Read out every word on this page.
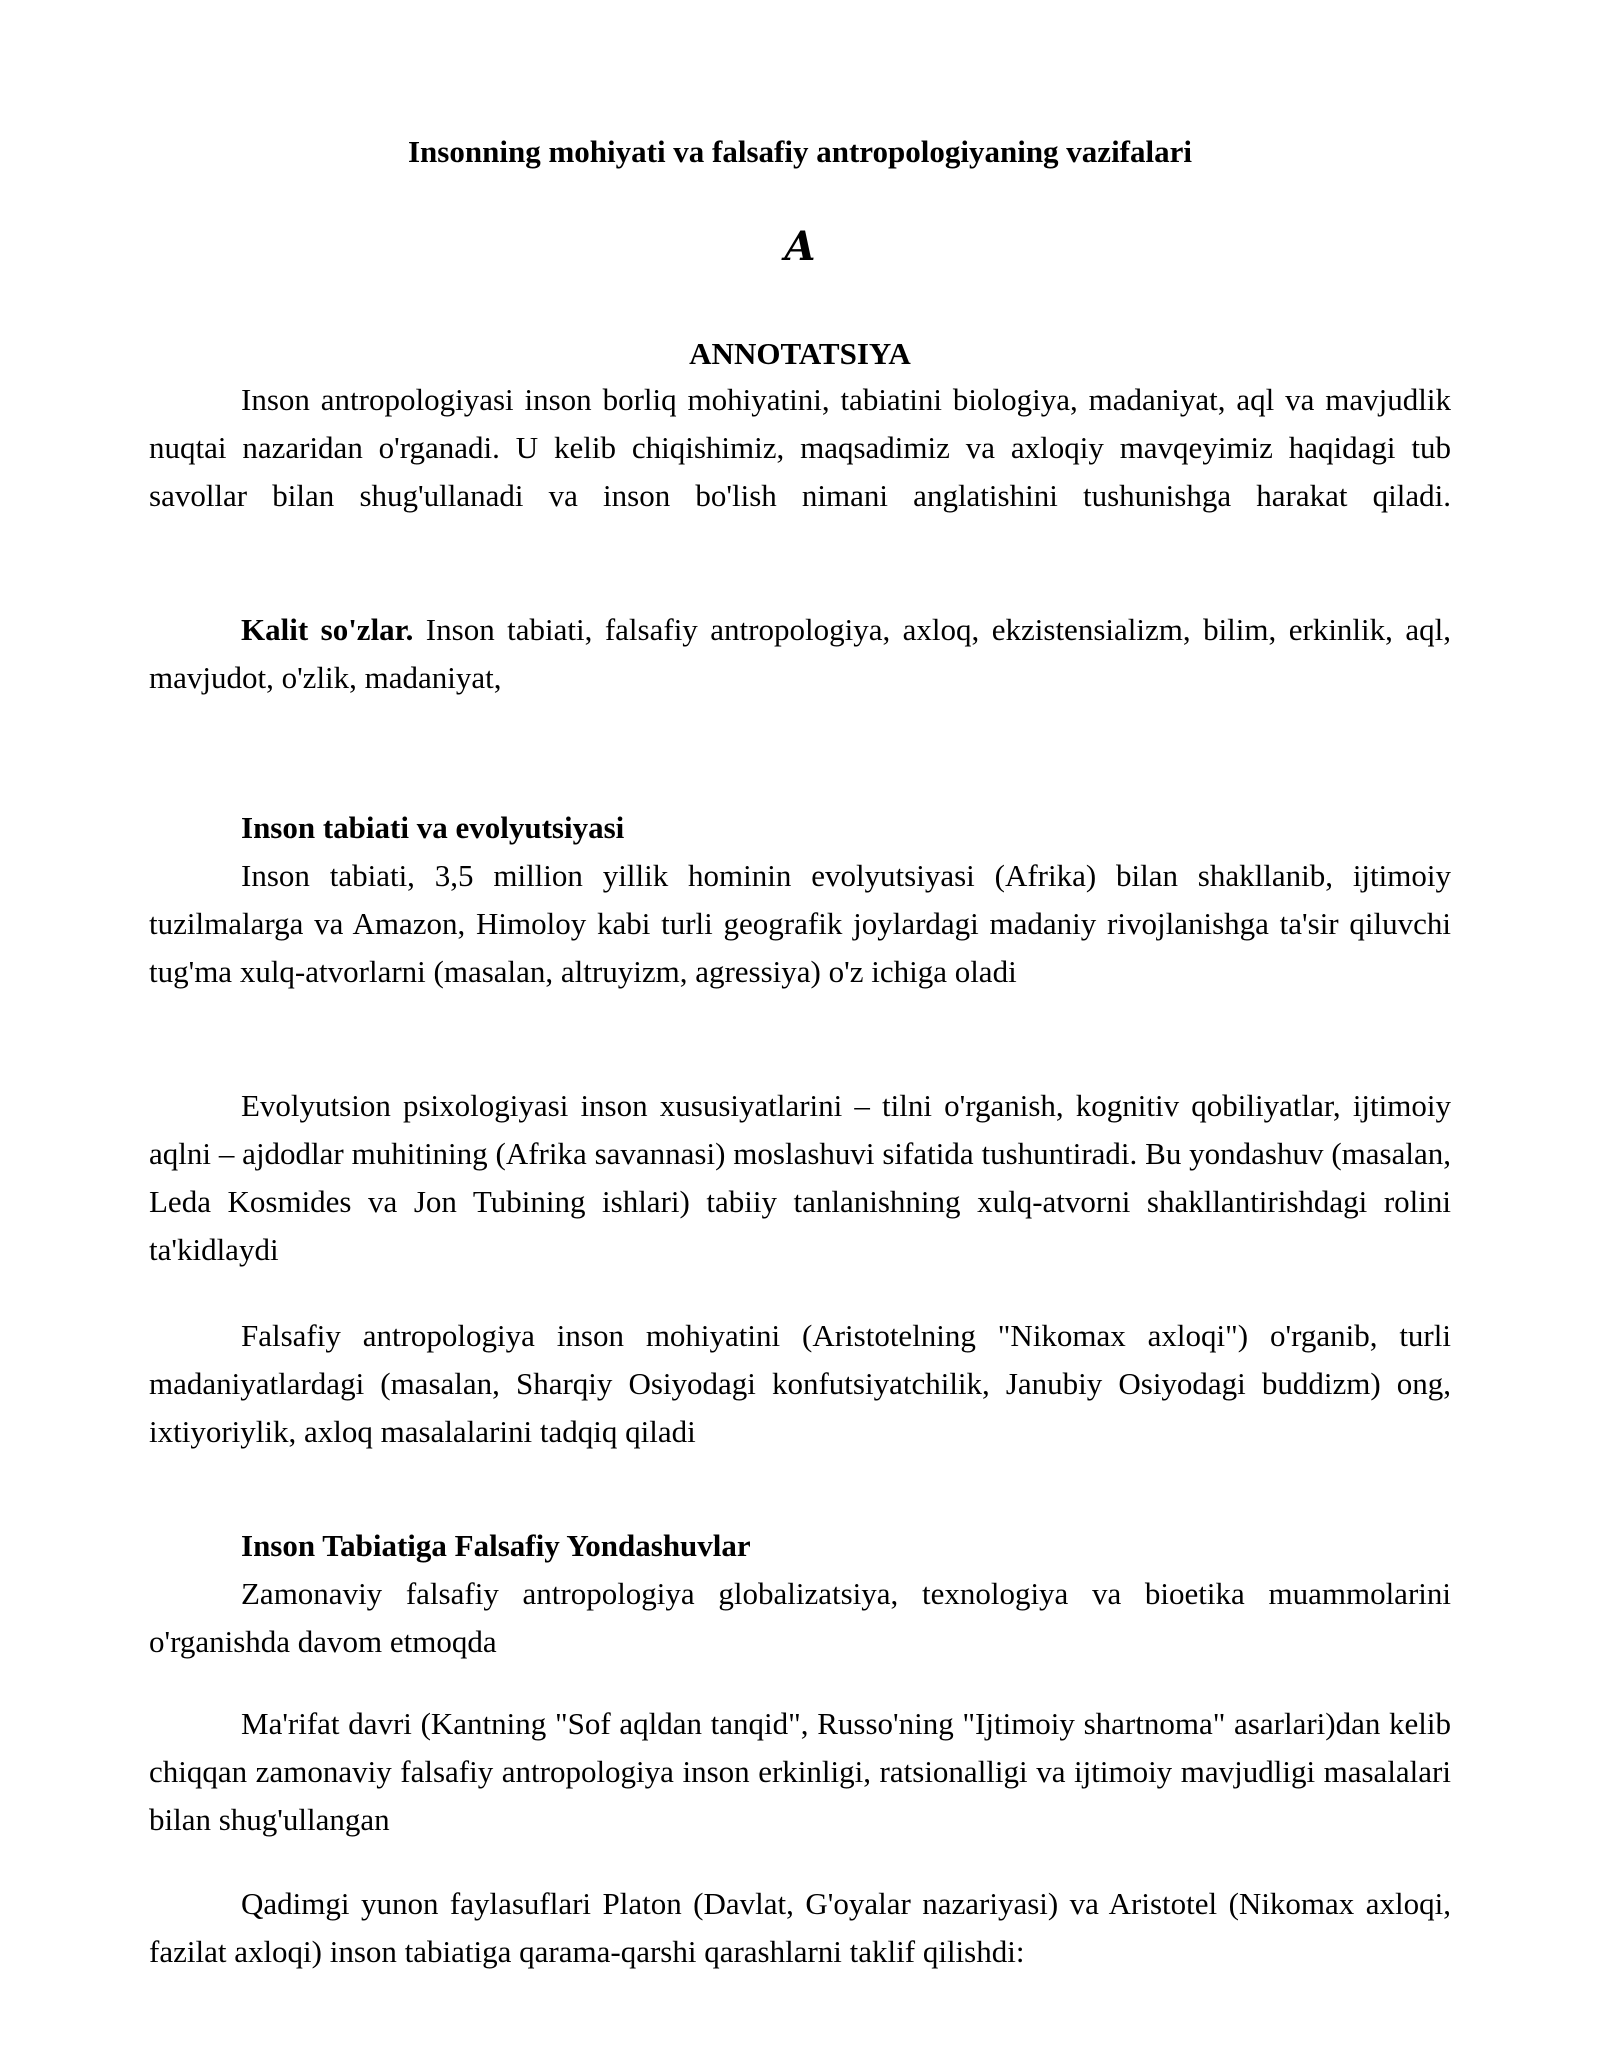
Insonning mohiyati va falsafiy antropologiyaning vazifalari
A
ANNOTATSIYA

Inson antropologiyasi inson borliq mohiyatini, tabiatini biologiya, madaniyat, aql va mavjudlik nuqtai nazaridan o'rganadi. U kelib chiqishimiz, maqsadimiz va axloqiy mavqeyimiz haqidagi tub savollar bilan shug'ullanadi va inson bo'lish nimani anglatishini tushunishga harakat qiladi.

Kalit so'zlar. Inson tabiati, falsafiy antropologiya, axloq, ekzistensializm, bilim, erkinlik, aql, mavjudot, o'zlik, madaniyat,

Inson tabiati va evolyutsiyasi

Inson tabiati, 3,5 million yillik hominin evolyutsiyasi (Afrika) bilan shakllanib, ijtimoiy tuzilmalarga va Amazon, Himoloy kabi turli geografik joylardagi madaniy rivojlanishga ta'sir qiluvchi tug'ma xulq-atvorlarni (masalan, altruyizm, agressiya) o'z ichiga oladi

Evolyutsion psixologiyasi inson xususiyatlarini – tilni o'rganish, kognitiv qobiliyatlar, ijtimoiy aqlni – ajdodlar muhitining (Afrika savannasi) moslashuvi sifatida tushuntiradi. Bu yondashuv (masalan, Leda Kosmides va Jon Tubining ishlari) tabiiy tanlanishning xulq-atvorni shakllantirishdagi rolini ta'kidlaydi

Falsafiy antropologiya inson mohiyatini (Aristotelning "Nikomax axloqi") o'rganib, turli madaniyatlardagi (masalan, Sharqiy Osiyodagi konfutsiyatchilik, Janubiy Osiyodagi buddizm) ong, ixtiyoriylik, axloq masalalarini tadqiq qiladi

Inson Tabiatiga Falsafiy Yondashuvlar

Zamonaviy falsafiy antropologiya globalizatsiya, texnologiya va bioetika muammolarini o'rganishda davom etmoqda

Ma'rifat davri (Kantning "Sof aqldan tanqid", Russo'ning "Ijtimoiy shartnoma" asarlari)dan kelib chiqqan zamonaviy falsafiy antropologiya inson erkinligi, ratsionalligi va ijtimoiy mavjudligi masalalari bilan shug'ullangan

Qadimgi yunon faylasuflari Platon (Davlat, G'oyalar nazariyasi) va Aristotel (Nikomax axloqi, fazilat axloqi) inson tabiatiga qarama-qarshi qarashlarni taklif qilishdi:
